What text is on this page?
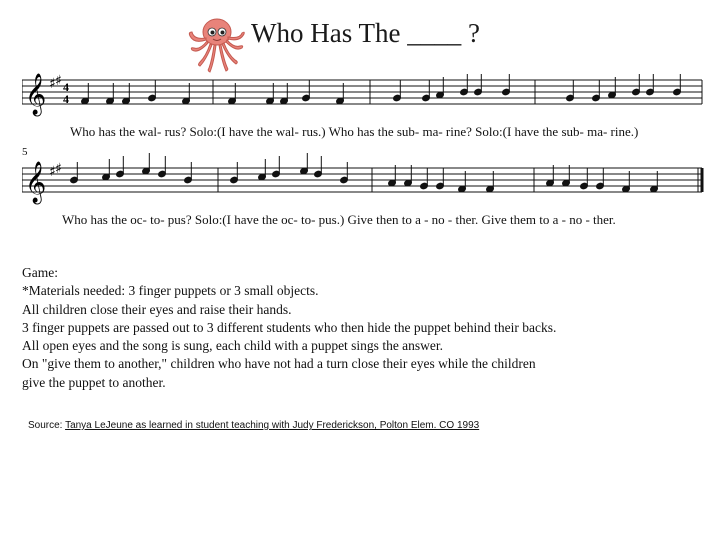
Who Has The ____ ?
𝄞 ♯ ♯ 4
4
Who has the wal- rus? Solo:(I have the wal- rus.) Who has the sub- ma- rine? Solo:(I have the sub- ma- rine.)
5
𝄞 ♯ ♯
Who has the oc- to- pus? Solo:(I have the oc- to- pus.) Give then to a - no - ther. Give them to a - no - ther.
Game:
*Materials needed: 3 finger puppets or 3 small objects.
All children close their eyes and raise their hands.
3 finger puppets are passed out to 3 different students who then hide the puppet behind their backs.
All open eyes and the song is sung, each child with a puppet sings the answer.
On "give them to another," children who have not had a turn close their eyes while the children
give the puppet to another.
Source: Tanya LeJeune as learned in student teaching with Judy Frederickson, Polton Elem. CO 1993
